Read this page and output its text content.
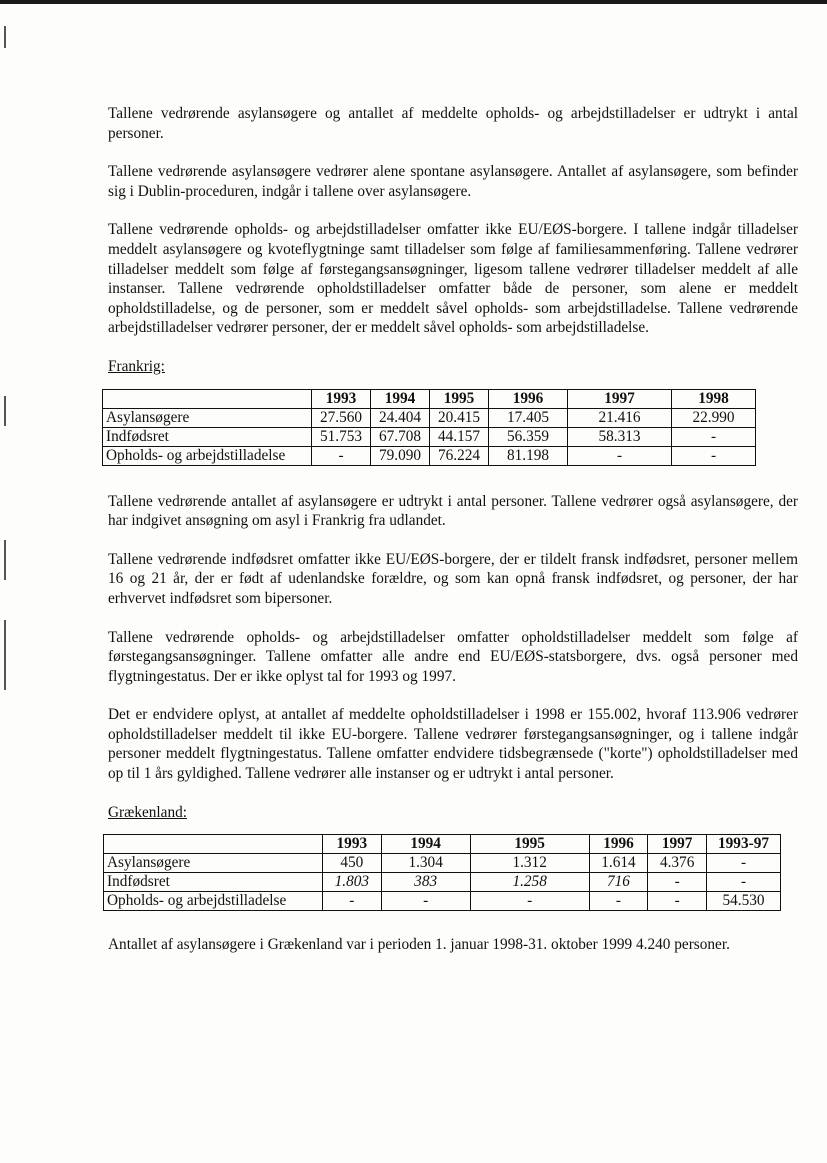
Tallene vedrørende asylansøgere og antallet af meddelte opholds- og arbejdstilladelser er udtrykt i antal personer.

Tallene vedrørende asylansøgere vedrører alene spontane asylansøgere. Antallet af asylansøgere, som befinder sig i Dublin-proceduren, indgår i tallene over asylansøgere.

Tallene vedrørende opholds- og arbejdstilladelser omfatter ikke EU/EØS-borgere. I tallene indgår tilladelser meddelt asylansøgere og kvoteflygtninge samt tilladelser som følge af familiesammenføring. Tallene vedrører tilladelser meddelt som følge af førstegangsansøgninger, ligesom tallene vedrører tilladelser meddelt af alle instanser. Tallene vedrørende opholdstilladelser omfatter både de personer, som alene er meddelt opholdstilladelse, og de personer, som er meddelt såvel opholds- som arbejdstilladelse. Tallene vedrørende arbejdstilladelser vedrører personer, der er meddelt såvel opholds- som arbejdstilladelse.

Frankrig:
	1993	1994	1995	1996	1997	1998
Asylansøgere	27.560	24.404	20.415	17.405	21.416	22.990
Indfødsret	51.753	67.708	44.157	56.359	58.313	-
Opholds- og arbejdstilladelse	-	79.090	76.224	81.198	-	-

Tallene vedrørende antallet af asylansøgere er udtrykt i antal personer. Tallene vedrører også asylansøgere, der har indgivet ansøgning om asyl i Frankrig fra udlandet.

Tallene vedrørende indfødsret omfatter ikke EU/EØS-borgere, der er tildelt fransk indfødsret, personer mellem 16 og 21 år, der er født af udenlandske forældre, og som kan opnå fransk indfødsret, og personer, der har erhvervet indfødsret som bipersoner.

Tallene vedrørende opholds- og arbejdstilladelser omfatter opholdstilladelser meddelt som følge af førstegangsansøgninger. Tallene omfatter alle andre end EU/EØS-statsborgere, dvs. også personer med flygtningestatus. Der er ikke oplyst tal for 1993 og 1997.

Det er endvidere oplyst, at antallet af meddelte opholdstilladelser i 1998 er 155.002, hvoraf 113.906 vedrører opholdstilladelser meddelt til ikke EU-borgere. Tallene vedrører førstegangsansøgninger, og i tallene indgår personer meddelt flygtningestatus. Tallene omfatter endvidere tidsbegrænsede ("korte") opholdstilladelser med op til 1 års gyldighed. Tallene vedrører alle instanser og er udtrykt i antal personer.

Grækenland:
	1993	1994	1995	1996	1997	1993-97
Asylansøgere	450	1.304	1.312	1.614	4.376	-
Indfødsret	1.803	383	1.258	716	-	-
Opholds- og arbejdstilladelse	-	-	-	-	-	54.530

Antallet af asylansøgere i Grækenland var i perioden 1. januar 1998-31. oktober 1999 4.240 personer.
